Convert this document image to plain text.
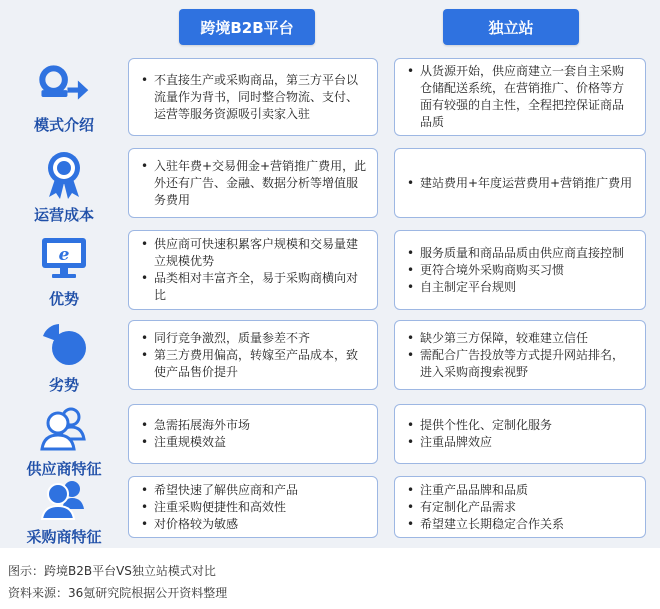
跨境B2B平台	独立站
模式介绍
• 不直接生产或采购商品，第三方平台以流量作为背书，同时整合物流、支付、运营等服务资源吸引卖家入驻
• 从货源开始，供应商建立一套自主采购仓储配送系统，在营销推广、价格等方面有较强的自主性，全程把控保证商品品质
运营成本
• 入驻年费+交易佣金+营销推广费用，此外还有广告、金融、数据分析等增值服务费用
• 建站费用+年度运营费用+营销推广费用
e
优势
• 供应商可快速积累客户规模和交易量建立规模优势
• 品类相对丰富齐全，易于采购商横向对比
• 服务质量和商品品质由供应商直接控制
• 更符合境外采购商购买习惯
• 自主制定平台规则
劣势
• 同行竞争激烈，质量参差不齐
• 第三方费用偏高，转嫁至产品成本，致使产品售价提升
• 缺少第三方保障，较难建立信任
• 需配合广告投放等方式提升网站排名，进入采购商搜索视野
供应商特征
• 急需拓展海外市场
• 注重规模效益
• 提供个性化、定制化服务
• 注重品牌效应
采购商特征
• 希望快速了解供应商和产品
• 注重采购便捷性和高效性
• 对价格较为敏感
• 注重产品品牌和品质
• 有定制化产品需求
• 希望建立长期稳定合作关系
图示：跨境B2B平台VS独立站模式对比
资料来源：36氪研究院根据公开资料整理
